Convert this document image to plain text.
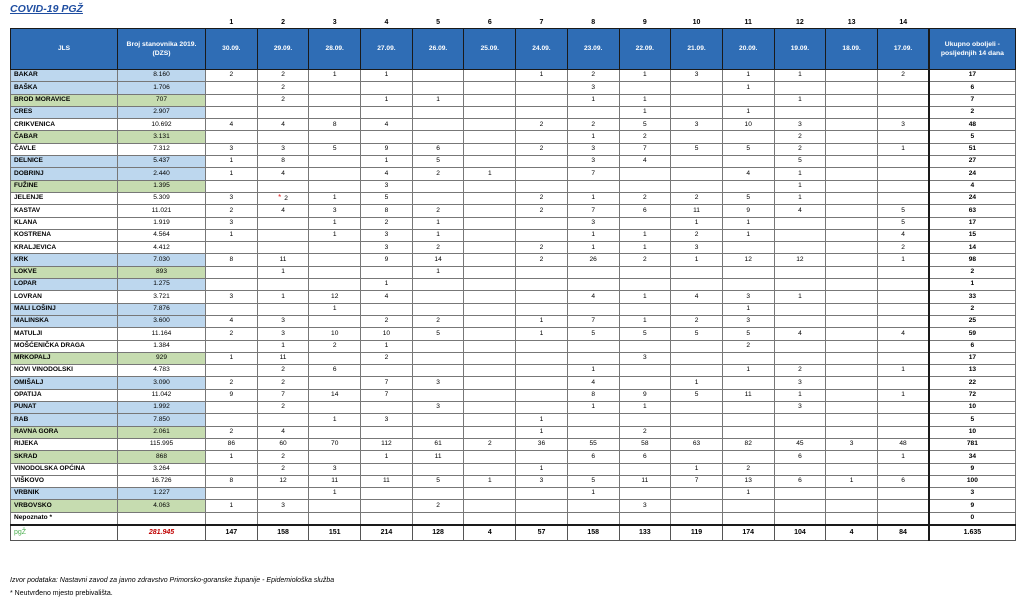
COVID-19 PGŽ
		1	2	3	4	5	6	7	8	9	10	11	12	13	14	
JLS	Broj stanovnika 2019. (DZS)	30.09.	29.09.	28.09.	27.09.	26.09.	25.09.	24.09.	23.09.	22.09.	21.09.	20.09.	19.09.	18.09.	17.09.	Ukupno oboljeli - posljednjih 14 dana
BAKAR	8.160	2	2	1	1			1	2	1	3	1	1		2	17
BAŠKA	1.706		2						3			1				6
BROD MORAVICE	707		2		1	1			1	1			1			7
CRES	2.907									1		1				2
CRIKVENICA	10.692	4	4	8	4			2	2	5	3	10	3		3	48
ČABAR	3.131								1	2			2			5
ČAVLE	7.312	3	3	5	9	6		2	3	7	5	5	2		1	51
DELNICE	5.437	1	8		1	5			3	4			5			27
DOBRINJ	2.440	1	4		4	2	1		7			4	1			24
FUŽINE	1.395				3								1			4
JELENJE	5.309	3	* 2	1	5			2	1	2	2	5	1			24
KASTAV	11.021	2	4	3	8	2		2	7	6	11	9	4		5	63
KLANA	1.919	3		1	2	1			3		1	1			5	17
KOSTRENA	4.564	1		1	3	1			1	1	2	1			4	15
KRALJEVICA	4.412				3	2		2	1	1	3				2	14
KRK	7.030	8	11		9	14		2	26	2	1	12	12		1	98
LOKVE	893		1			1										2
LOPAR	1.275				1											1
LOVRAN	3.721	3	1	12	4				4	1	4	3	1			33
MALI LOŠINJ	7.876			1								1				2
MALINSKA	3.600	4	3		2	2		1	7	1	2	3				25
MATULJI	11.164	2	3	10	10	5		1	5	5	5	5	4		4	59
MOŠĆENIČKA DRAGA	1.384		1	2	1							2				6
MRKOPALJ	929	1	11		2					3						17
NOVI VINODOLSKI	4.783		2	6					1			1	2		1	13
OMIŠALJ	3.090	2	2		7	3			4		1		3			22
OPATIJA	11.042	9	7	14	7				8	9	5	11	1		1	72
PUNAT	1.992		2			3			1	1			3			10
RAB	7.850			1	3			1								5
RAVNA GORA	2.061	2	4					1		2						10
RIJEKA	115.995	86	60	70	112	61	2	36	55	58	63	82	45	3	48	781
SKRAD	868	1	2		1	11			6	6			6		1	34
VINODOLSKA OPĆINA	3.264		2	3				1			1	2				9
VIŠKOVO	16.726	8	12	11	11	5	1	3	5	11	7	13	6	1	6	100
VRBNIK	1.227			1					1			1				3
VRBOVSKO	4.063	1	3			2				3						9
Nepoznato *																0
pgŽ	281.945	147	158	151	214	128	4	57	158	133	119	174	104	4	84	1.635
Izvor podataka: Nastavni zavod za javno zdravstvo Primorsko-goranske županije - Epidemiološka služba
* Neutvrđeno mjesto prebivališta.
